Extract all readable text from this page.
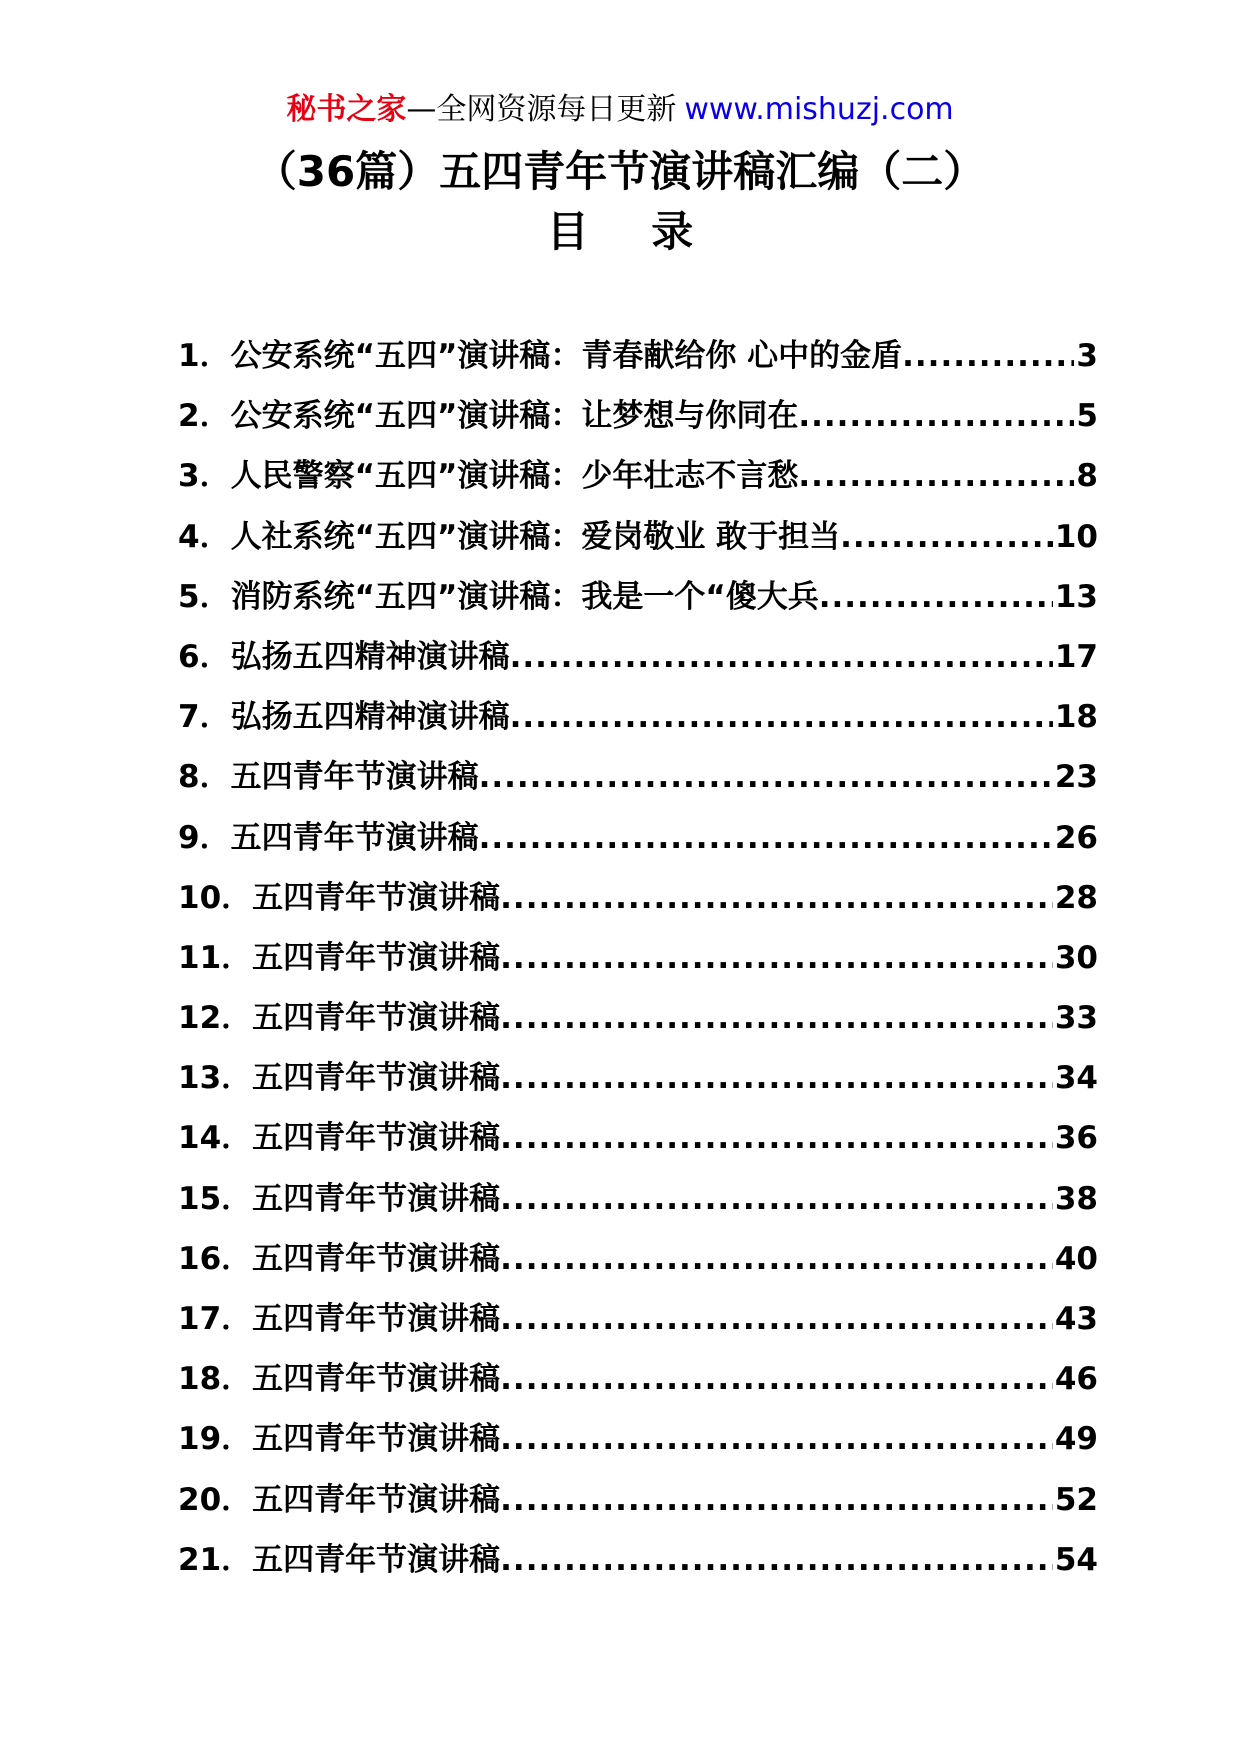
秘书之家—全网资源每日更新 www.mishuzj.com
（36篇）五四青年节演讲稿汇编（二）
目 录
1．公安系统“五四”演讲稿：青春献给你 心中的金盾 .....	3
2．公安系统“五四”演讲稿：让梦想与你同在 .....	5
3．人民警察“五四”演讲稿：少年壮志不言愁 .....	8
4．人社系统“五四”演讲稿：爱岗敬业 敢于担当 .....	10
5．消防系统“五四”演讲稿：我是一个“傻大兵 .....	13
6．弘扬五四精神演讲稿 .....	17
7．弘扬五四精神演讲稿 .....	18
8．五四青年节演讲稿 .....	23
9．五四青年节演讲稿 .....	26
10．五四青年节演讲稿 .....	28
11．五四青年节演讲稿 .....	30
12．五四青年节演讲稿 .....	33
13．五四青年节演讲稿 .....	34
14．五四青年节演讲稿 .....	36
15．五四青年节演讲稿 .....	38
16．五四青年节演讲稿 .....	40
17．五四青年节演讲稿 .....	43
18．五四青年节演讲稿 .....	46
19．五四青年节演讲稿 .....	49
20．五四青年节演讲稿 .....	52
21．五四青年节演讲稿 .....	54
